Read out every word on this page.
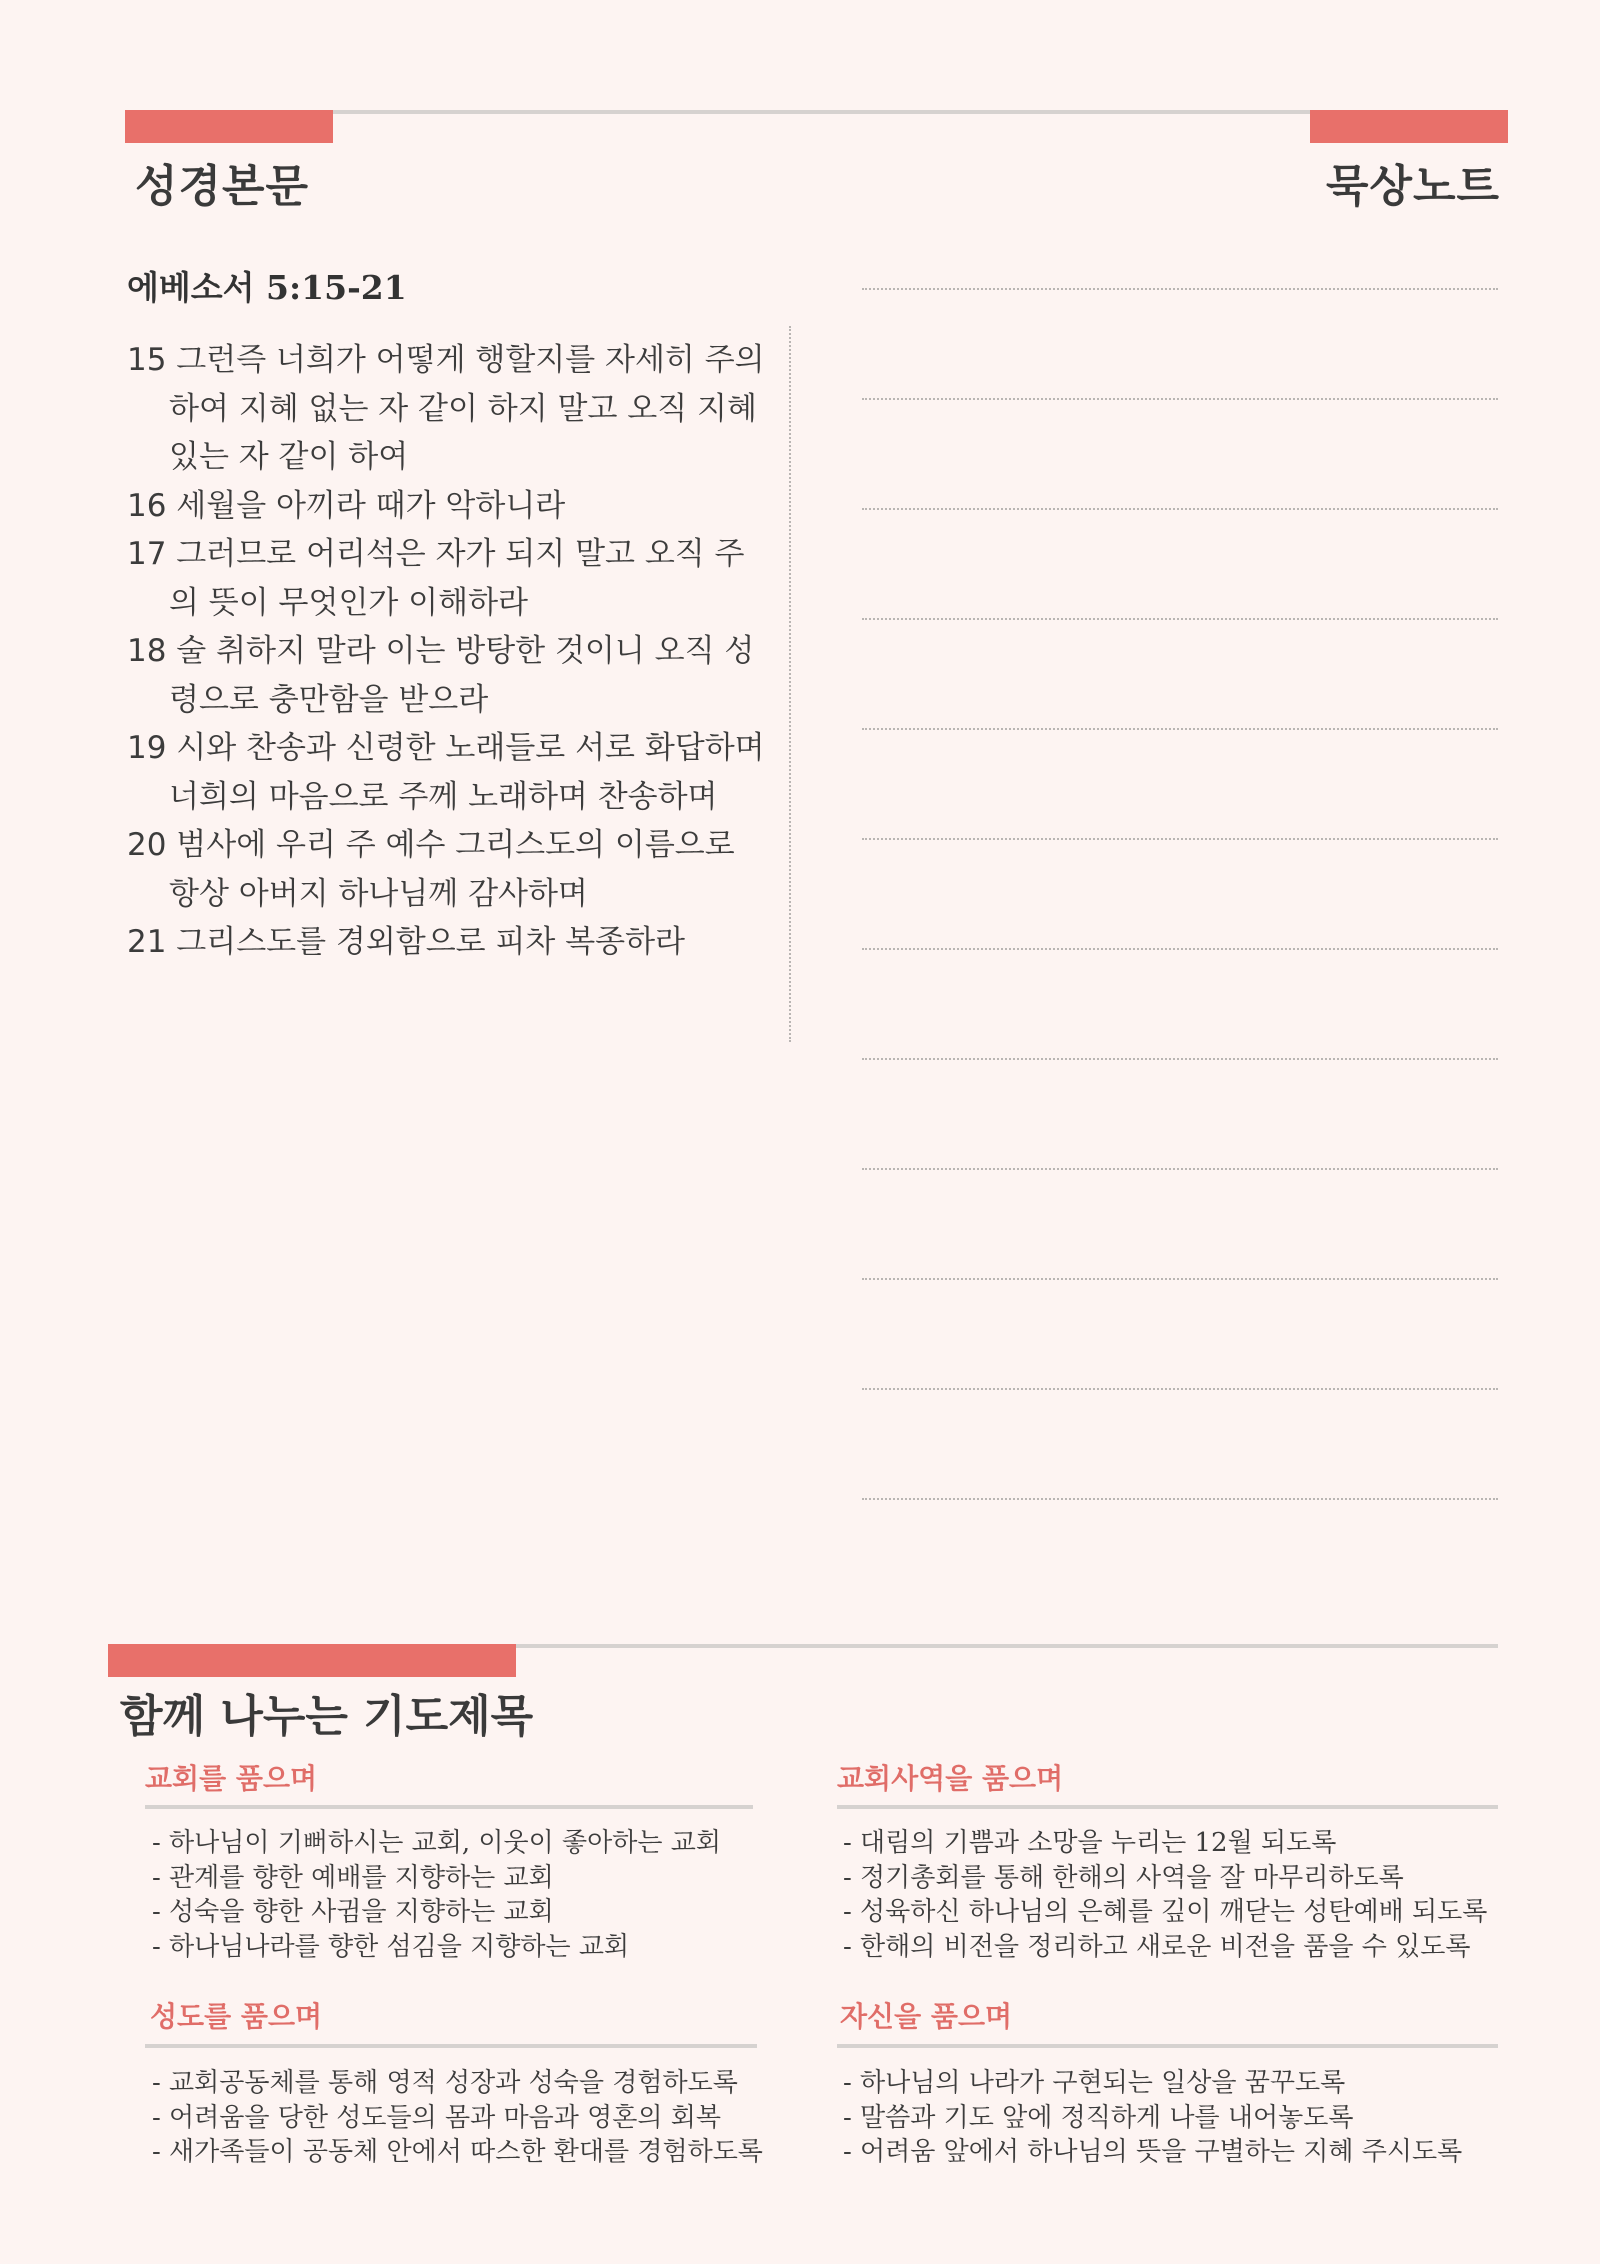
성경본문	묵상노트
에베소서 5:15-21
15 그런즉 너희가 어떻게 행할지를 자세히 주의하여 지혜 없는 자 같이 하지 말고 오직 지혜 있는 자 같이 하여
16 세월을 아끼라 때가 악하니라
17 그러므로 어리석은 자가 되지 말고 오직 주의 뜻이 무엇인가 이해하라
18 술 취하지 말라 이는 방탕한 것이니 오직 성령으로 충만함을 받으라
19 시와 찬송과 신령한 노래들로 서로 화답하며 너희의 마음으로 주께 노래하며 찬송하며
20 범사에 우리 주 예수 그리스도의 이름으로 항상 아버지 하나님께 감사하며
21 그리스도를 경외함으로 피차 복종하라
함께 나누는 기도제목
교회를 품으며
- 하나님이 기뻐하시는 교회, 이웃이 좋아하는 교회
- 관계를 향한 예배를 지향하는 교회
- 성숙을 향한 사귐을 지향하는 교회
- 하나님나라를 향한 섬김을 지향하는 교회
교회사역을 품으며
- 대림의 기쁨과 소망을 누리는 12월 되도록
- 정기총회를 통해 한해의 사역을 잘 마무리하도록
- 성육하신 하나님의 은혜를 깊이 깨닫는 성탄예배 되도록
- 한해의 비전을 정리하고 새로운 비전을 품을 수 있도록
성도를 품으며
- 교회공동체를 통해 영적 성장과 성숙을 경험하도록
- 어려움을 당한 성도들의 몸과 마음과 영혼의 회복
- 새가족들이 공동체 안에서 따스한 환대를 경험하도록
자신을 품으며
- 하나님의 나라가 구현되는 일상을 꿈꾸도록
- 말씀과 기도 앞에 정직하게 나를 내어놓도록
- 어려움 앞에서 하나님의 뜻을 구별하는 지혜 주시도록
